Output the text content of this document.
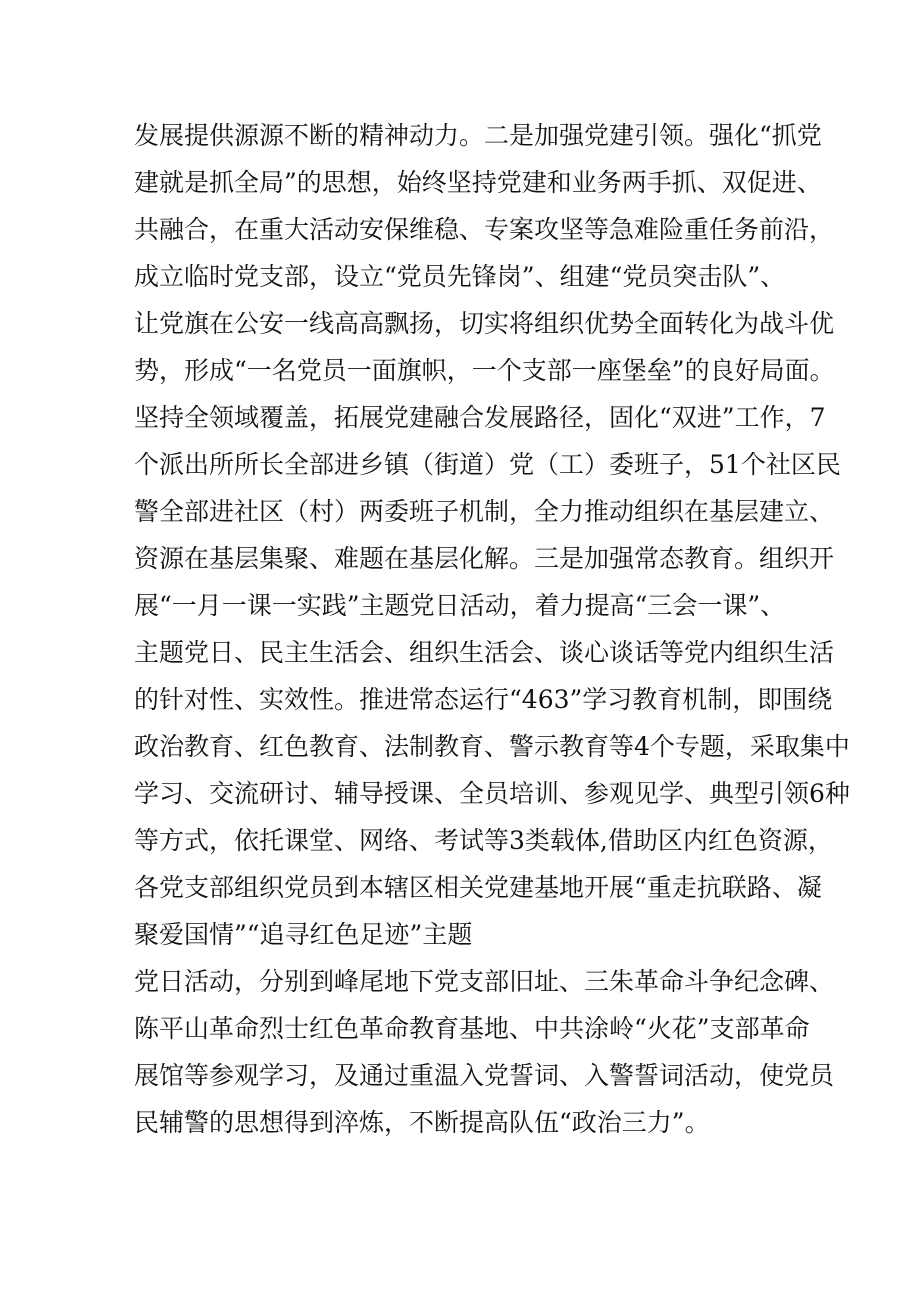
发展提供源源不断的精神动力。二是加强党建引领。强化“抓党
建就是抓全局”的思想，始终坚持党建和业务两手抓、双促进、
共融合，在重大活动安保维稳、专案攻坚等急难险重任务前沿，
成立临时党支部，设立“党员先锋岗”、组建“党员突击队”、
让党旗在公安一线高高飘扬，切实将组织优势全面转化为战斗优
势，形成“一名党员一面旗帜，一个支部一座堡垒”的良好局面。
坚持全领域覆盖，拓展党建融合发展路径，固化“双进”工作，7
个派出所所长全部进乡镇（街道）党（工）委班子，51个社区民
警全部进社区（村）两委班子机制，全力推动组织在基层建立、
资源在基层集聚、难题在基层化解。三是加强常态教育。组织开
展“一月一课一实践”主题党日活动，着力提高“三会一课”、
主题党日、民主生活会、组织生活会、谈心谈话等党内组织生活
的针对性、实效性。推进常态运行“463”学习教育机制，即围绕
政治教育、红色教育、法制教育、警示教育等4个专题，采取集中
学习、交流研讨、辅导授课、全员培训、参观见学、典型引领6种
等方式，依托课堂、网络、考试等3类载体,借助区内红色资源，
各党支部组织党员到本辖区相关党建基地开展“重走抗联路、凝
聚爱国情”“追寻红色足迹”主题
党日活动，分别到峰尾地下党支部旧址、三朱革命斗争纪念碑、
陈平山革命烈士红色革命教育基地、中共涂岭“火花”支部革命
展馆等参观学习，及通过重温入党誓词、入警誓词活动，使党员
民辅警的思想得到淬炼，不断提高队伍“政治三力”。
